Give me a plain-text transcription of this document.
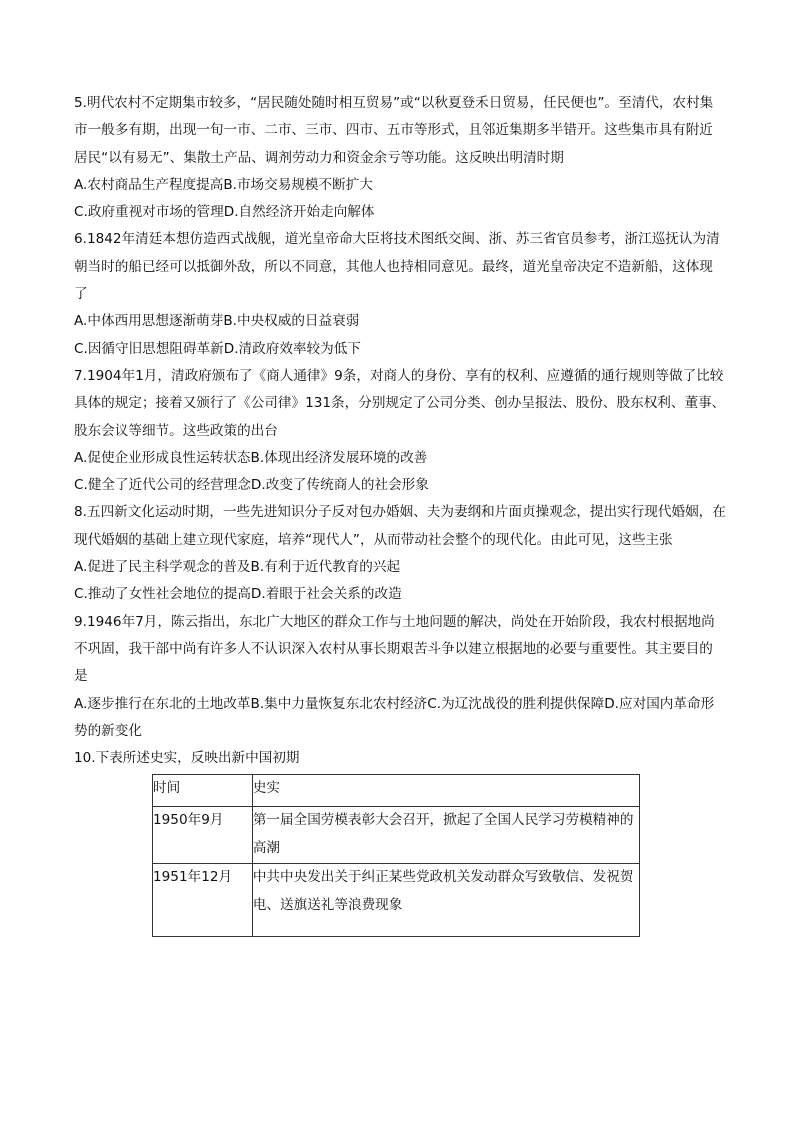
5.明代农村不定期集市较多，“居民随处随时相互贸易”或“以秋夏登禾日贸易，任民便也”。至清代，农村集市一般多有期，出现一旬一市、二市、三市、四市、五市等形式，且邻近集期多半错开。这些集市具有附近居民“以有易无”、集散土产品、调剂劳动力和资金余亏等功能。这反映出明清时期

A.农村商品生产程度提高B.市场交易规模不断扩大

C.政府重视对市场的管理D.自然经济开始走向解体

6.1842年清廷本想仿造西式战舰，道光皇帝命大臣将技术图纸交闽、浙、苏三省官员参考，浙江巡抚认为清朝当时的船已经可以抵御外敌，所以不同意，其他人也持相同意见。最终，道光皇帝决定不造新船，这体现了

A.中体西用思想逐渐萌芽B.中央权威的日益衰弱

C.因循守旧思想阻碍革新D.清政府效率较为低下

7.1904年1月，清政府颁布了《商人通律》9条，对商人的身份、享有的权利、应遵循的通行规则等做了比较具体的规定；接着又颁行了《公司律》131条，分别规定了公司分类、创办呈报法、股份、股东权利、董事、股东会议等细节。这些政策的出台

A.促使企业形成良性运转状态B.体现出经济发展环境的改善

C.健全了近代公司的经营理念D.改变了传统商人的社会形象

8.五四新文化运动时期，一些先进知识分子反对包办婚姻、夫为妻纲和片面贞操观念，提出实行现代婚姻，在现代婚姻的基础上建立现代家庭，培养“现代人”，从而带动社会整个的现代化。由此可见，这些主张

A.促进了民主科学观念的普及B.有利于近代教育的兴起

C.推动了女性社会地位的提高D.着眼于社会关系的改造

9.1946年7月，陈云指出，东北广大地区的群众工作与土地问题的解决，尚处在开始阶段，我农村根据地尚不巩固，我干部中尚有许多人不认识深入农村从事长期艰苦斗争以建立根据地的必要与重要性。其主要目的是

A.逐步推行在东北的土地改革B.集中力量恢复东北农村经济C.为辽沈战役的胜利提供保障D.应对国内革命形势的新变化

10.下表所述史实，反映出新中国初期

时间	史实
1950年9月	第一届全国劳模表彰大会召开，掀起了全国人民学习劳模精神的高潮
1951年12月	中共中央发出关于纠正某些党政机关发动群众写致敬信、发祝贺电、送旗送礼等浪费现象
